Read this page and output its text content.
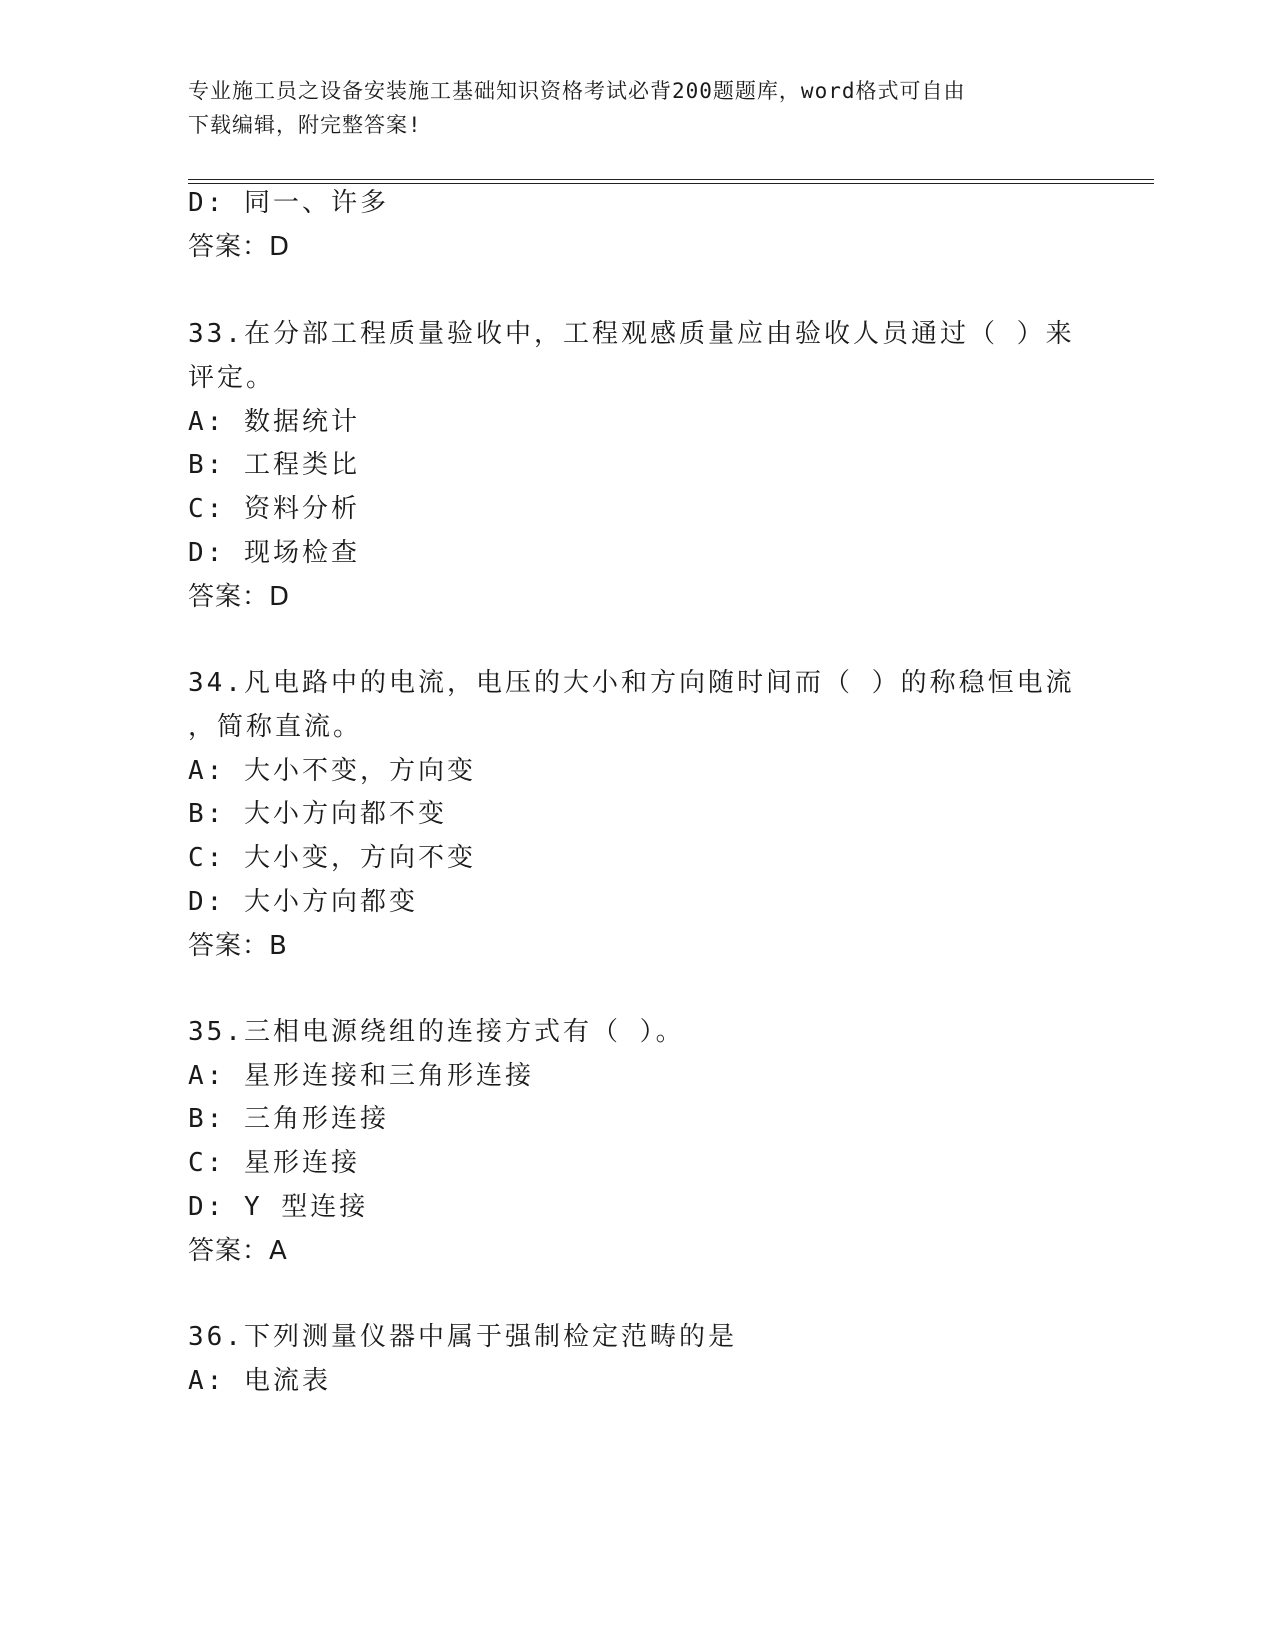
专业施工员之设备安装施工基础知识资格考试必背200题题库，word格式可自由
下载编辑，附完整答案!
D: 同一、许多
答案：D
33.在分部工程质量验收中，工程观感质量应由验收人员通过（ ）来
评定。
A: 数据统计
B: 工程类比
C: 资料分析
D: 现场检查
答案：D
34.凡电路中的电流，电压的大小和方向随时间而（ ）的称稳恒电流
，简称直流。
A: 大小不变，方向变
B: 大小方向都不变
C: 大小变，方向不变
D: 大小方向都变
答案：B
35.三相电源绕组的连接方式有（ ）。
A: 星形连接和三角形连接
B: 三角形连接
C: 星形连接
D: Y 型连接
答案：A
36.下列测量仪器中属于强制检定范畴的是
A: 电流表
